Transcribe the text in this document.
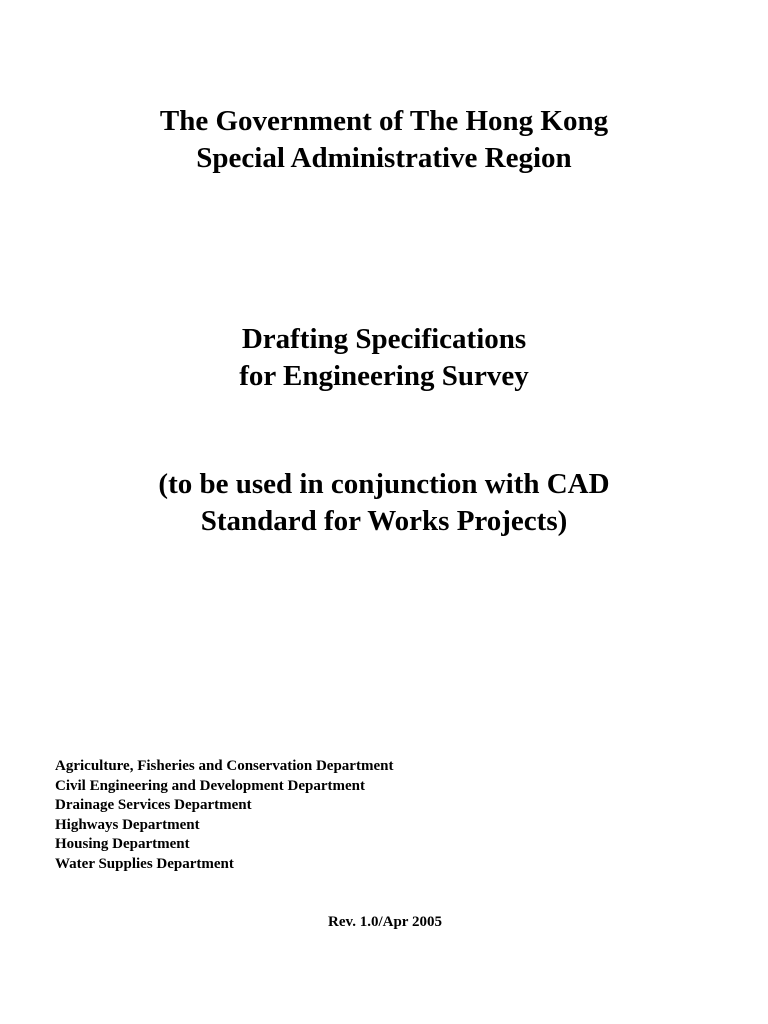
The Government of The Hong Kong
Special Administrative Region
Drafting Specifications
for Engineering Survey
(to be used in conjunction with CAD
Standard for Works Projects)
Agriculture, Fisheries and Conservation Department
Civil Engineering and Development Department
Drainage Services Department
Highways Department
Housing Department
Water Supplies Department
Rev. 1.0/Apr 2005
